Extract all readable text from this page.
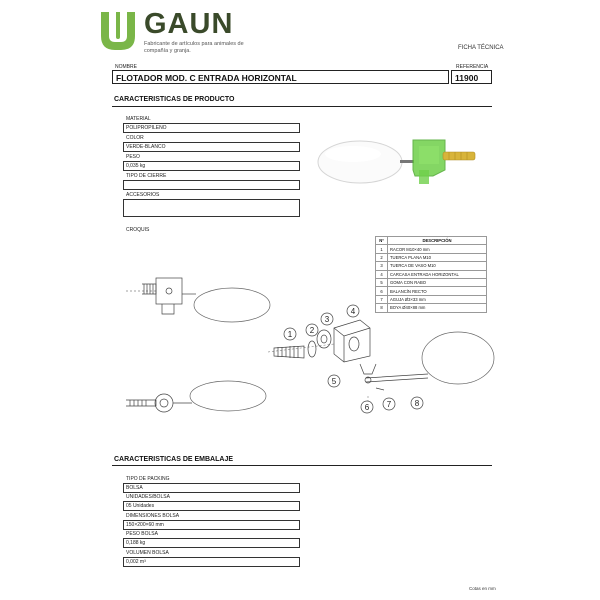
GAUN
Fabricante de artículos para animales de compañía y granja.	FICHA TÉCNICA
NOMBRE	REFERENCIA
FLOTADOR MOD. C ENTRADA HORIZONTAL	11900
CARACTERISTICAS DE PRODUCTO
MATERIAL
POLIPROPILENO
COLOR
VERDE-BLANCO
PESO
0,035 kg
TIPO DE CIERRE
ACCESORIOS
CROQUIS
Nº	DESCRIPCIÓN
1	RACOR M10×40 mm
2	TUERCA PLANA M10
3	TUERCA DE VASO M10
4	CARCASA ENTRADA HORIZONTAL
5	GOMA CON RABO
6	BALANCÍN RECTO
7	AGUJA Ø3×33 mm
8	BOYA Ø40×88 mm
1 2
3
4
5
6 7	8
CARACTERISTICAS DE EMBALAJE
TIPO DE PACKING
BOLSA
UNIDADES/BOLSA
05 Unidades
DIMENSIONES BOLSA
150×200×60 mm
PESO BOLSA
0,188 kg
VOLUMEN BOLSA
0,002 m³
Cotas en mm
